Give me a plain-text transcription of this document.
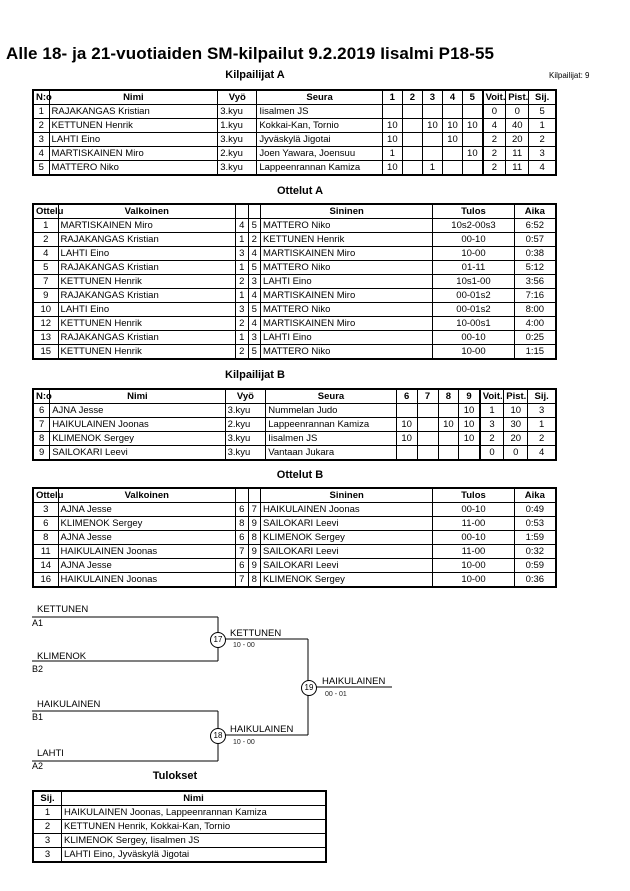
Alle 18- ja 21-vuotiaiden SM-kilpailut 9.2.2019 Iisalmi P18-55
Kilpailijat A	Kilpailijat: 9
N:o	Nimi	Vyö	Seura	1	2	3	4	5	Voit.	Pist.	Sij.
1	RAJAKANGAS Kristian	3.kyu	Iisalmen JS						0	0	5
2	KETTUNEN Henrik	1.kyu	Kokkai-Kan, Tornio	10		10	10	10	4	40	1
3	LAHTI Eino	3.kyu	Jyväskylä Jigotai	10			10		2	20	2
4	MARTISKAINEN Miro	2.kyu	Joen Yawara, Joensuu	1				10	2	11	3
5	MATTERO Niko	3.kyu	Lappeenrannan Kamiza	10		1			2	11	4
Ottelut A
Ottelu	Valkoinen			Sininen	Tulos	Aika
1	MARTISKAINEN Miro	4	5	MATTERO Niko	10s2-00s3	6:52
2	RAJAKANGAS Kristian	1	2	KETTUNEN Henrik	00-10	0:57
4	LAHTI Eino	3	4	MARTISKAINEN Miro	10-00	0:38
5	RAJAKANGAS Kristian	1	5	MATTERO Niko	01-11	5:12
7	KETTUNEN Henrik	2	3	LAHTI Eino	10s1-00	3:56
9	RAJAKANGAS Kristian	1	4	MARTISKAINEN Miro	00-01s2	7:16
10	LAHTI Eino	3	5	MATTERO Niko	00-01s2	8:00
12	KETTUNEN Henrik	2	4	MARTISKAINEN Miro	10-00s1	4:00
13	RAJAKANGAS Kristian	1	3	LAHTI Eino	00-10	0:25
15	KETTUNEN Henrik	2	5	MATTERO Niko	10-00	1:15
Kilpailijat B
N:o	Nimi	Vyö	Seura	6	7	8	9	Voit.	Pist.	Sij.
6	AJNA Jesse	3.kyu	Nummelan Judo				10	1	10	3
7	HAIKULAINEN Joonas	2.kyu	Lappeenrannan Kamiza	10		10	10	3	30	1
8	KLIMENOK Sergey	3.kyu	Iisalmen JS	10			10	2	20	2
9	SAILOKARI Leevi	3.kyu	Vantaan Jukara					0	0	4
Ottelut B
Ottelu	Valkoinen			Sininen	Tulos	Aika
3	AJNA Jesse	6	7	HAIKULAINEN Joonas	00-10	0:49
6	KLIMENOK Sergey	8	9	SAILOKARI Leevi	11-00	0:53
8	AJNA Jesse	6	8	KLIMENOK Sergey	00-10	1:59
11	HAIKULAINEN Joonas	7	9	SAILOKARI Leevi	11-00	0:32
14	AJNA Jesse	6	9	SAILOKARI Leevi	10-00	0:59
16	HAIKULAINEN Joonas	7	8	KLIMENOK Sergey	10-00	0:36
KETTUNEN
A1
KLIMENOK
B2
17
KETTUNEN
10 - 00
HAIKULAINEN
B1
LAHTI
A2
18
HAIKULAINEN
10 - 00
19
HAIKULAINEN
00 - 01
Tulokset
Sij.	Nimi
1	HAIKULAINEN Joonas, Lappeenrannan Kamiza
2	KETTUNEN Henrik, Kokkai-Kan, Tornio
3	KLIMENOK Sergey, Iisalmen JS
3	LAHTI Eino, Jyväskylä Jigotai
